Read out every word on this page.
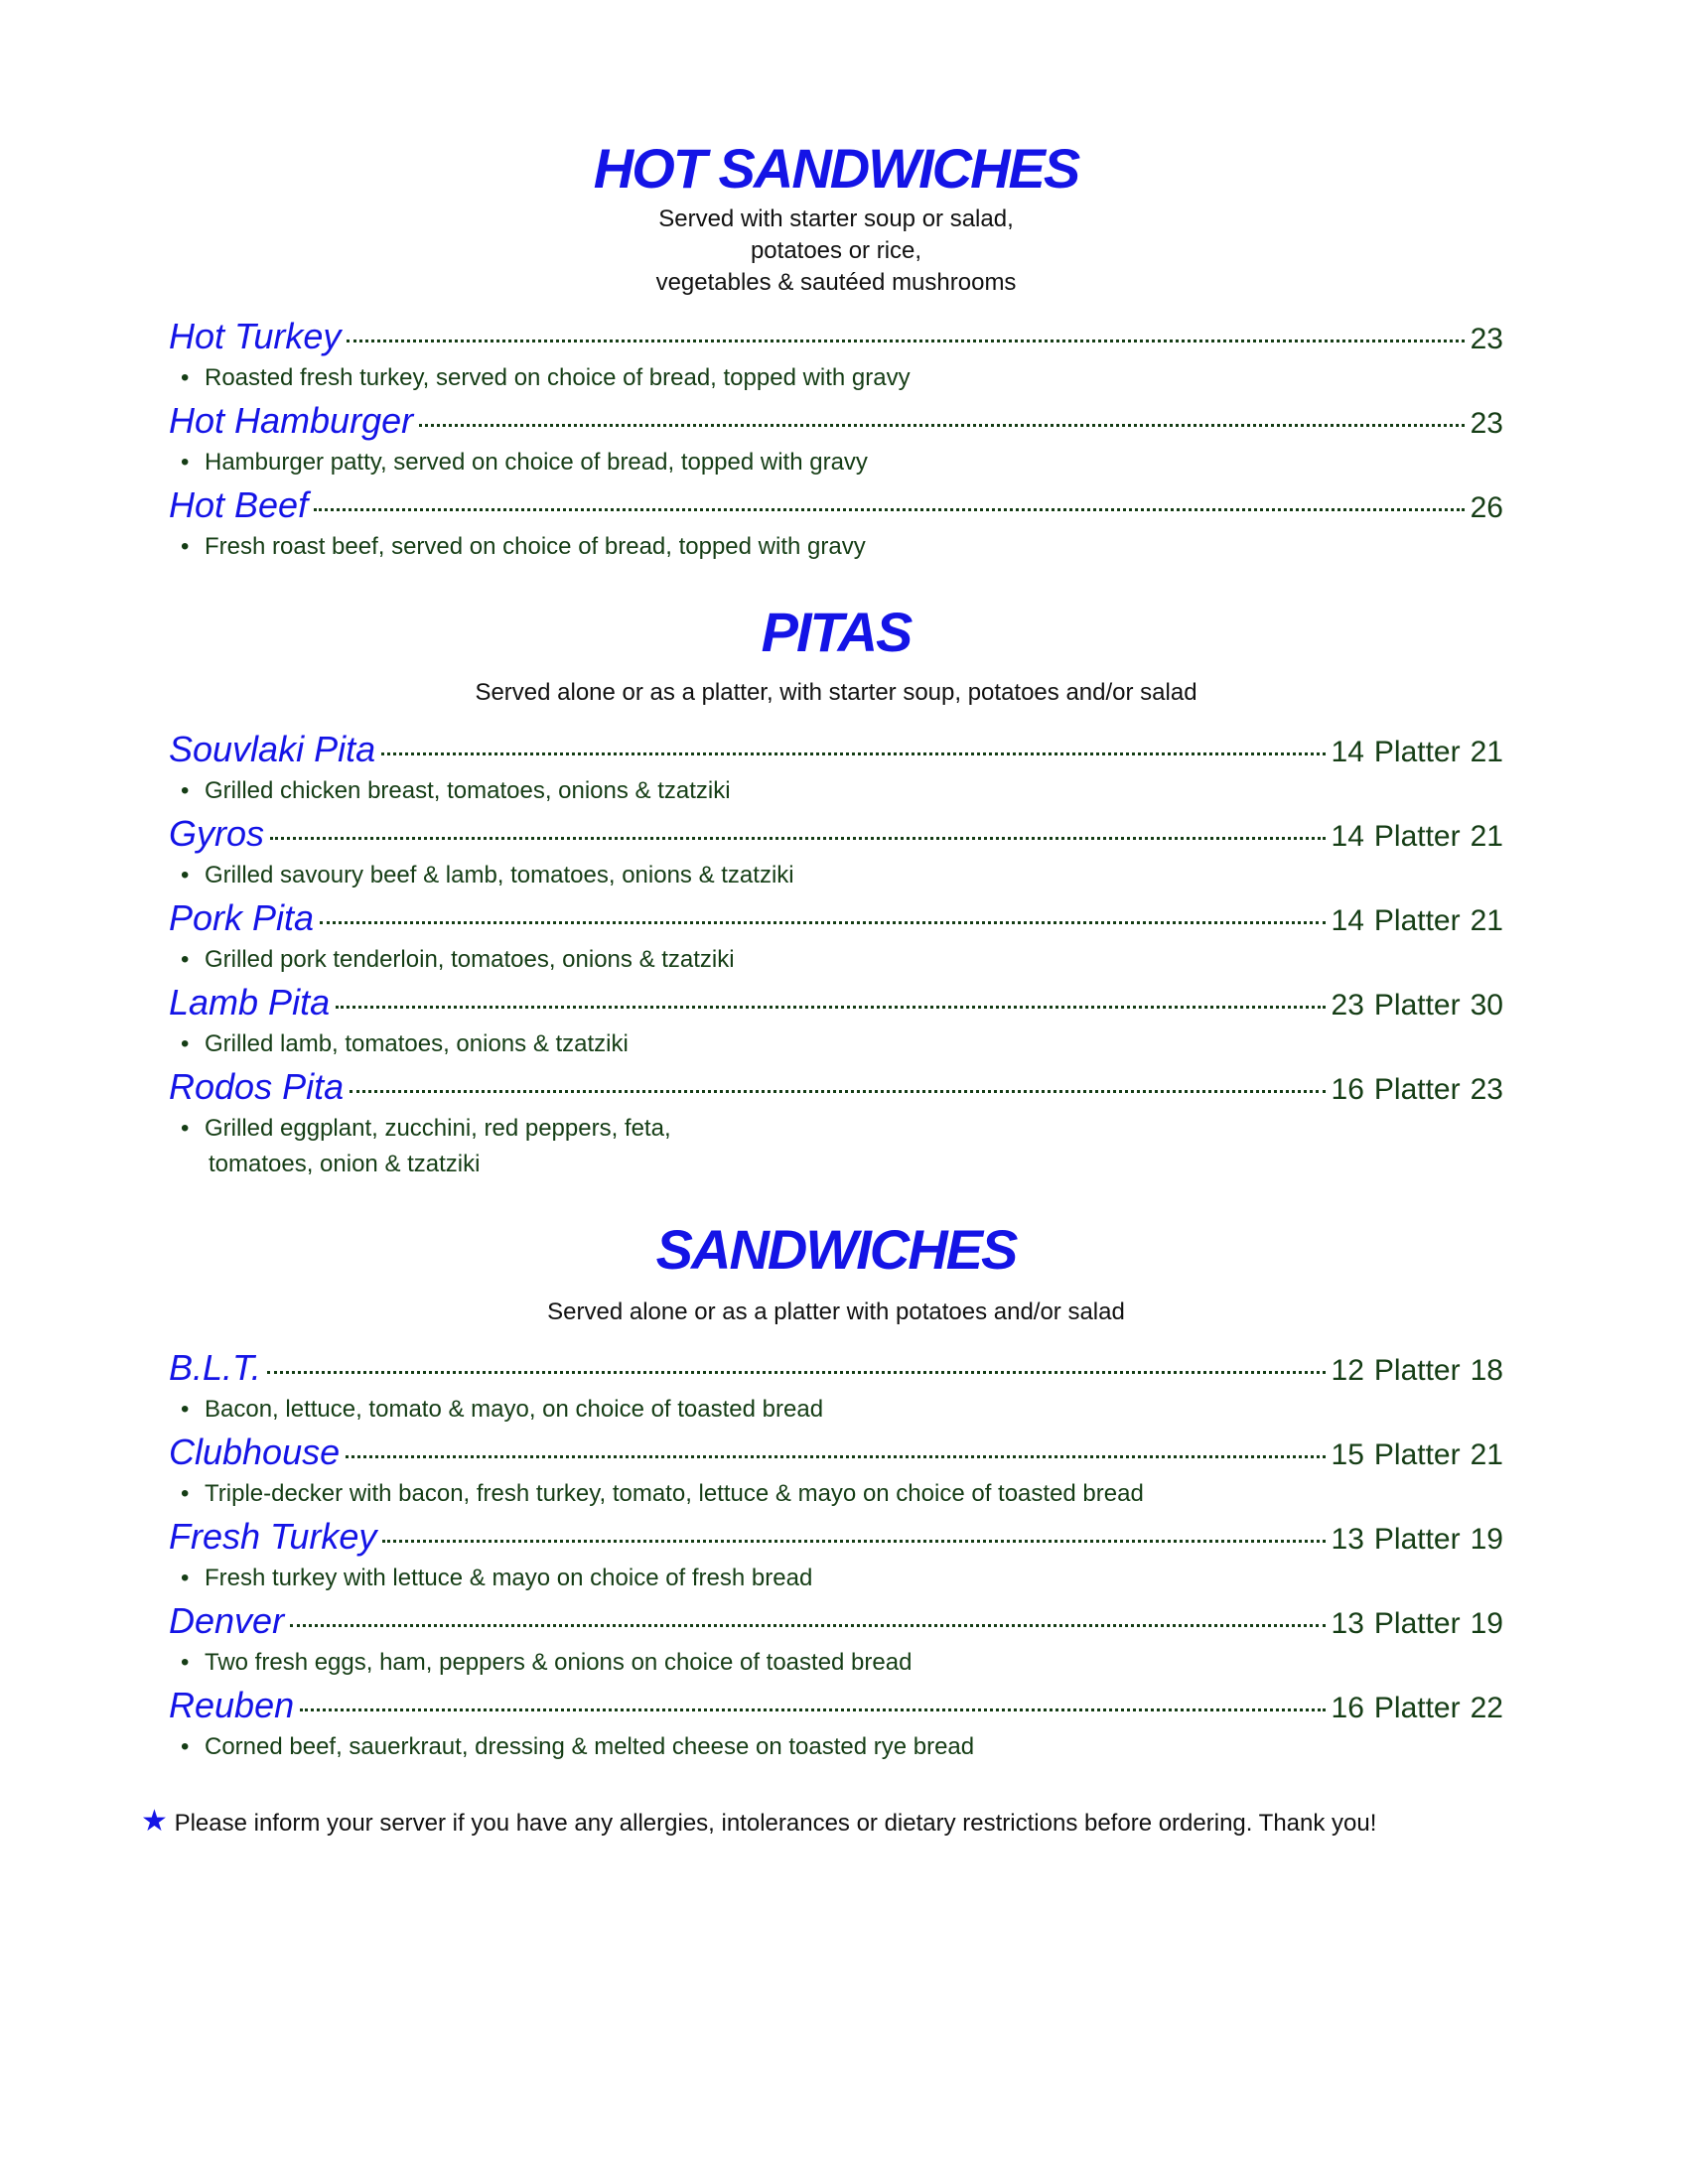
HOT SANDWICHES
Served with starter soup or salad,
potatoes or rice,
vegetables & sautéed mushrooms
Hot Turkey	23
• Roasted fresh turkey, served on choice of bread, topped with gravy
Hot Hamburger	23
• Hamburger patty, served on choice of bread, topped with gravy
Hot Beef	26
• Fresh roast beef, served on choice of bread, topped with gravy
PITAS
Served alone or as a platter, with starter soup, potatoes and/or salad
Souvlaki Pita	14 Platter 21
• Grilled chicken breast, tomatoes, onions & tzatziki
Gyros	14 Platter 21
• Grilled savoury beef & lamb, tomatoes, onions & tzatziki
Pork Pita	14 Platter 21
• Grilled pork tenderloin, tomatoes, onions & tzatziki
Lamb Pita	23 Platter 30
• Grilled lamb, tomatoes, onions & tzatziki
Rodos Pita	16 Platter 23
• Grilled eggplant, zucchini, red peppers, feta,
tomatoes, onion & tzatziki
SANDWICHES
Served alone or as a platter with potatoes and/or salad
B.L.T.	12 Platter 18
• Bacon, lettuce, tomato & mayo, on choice of toasted bread
Clubhouse	15 Platter 21
• Triple-decker with bacon, fresh turkey, tomato, lettuce & mayo on choice of toasted bread
Fresh Turkey	13 Platter 19
• Fresh turkey with lettuce & mayo on choice of fresh bread
Denver	13 Platter 19
• Two fresh eggs, ham, peppers & onions on choice of toasted bread
Reuben	16 Platter 22
• Corned beef, sauerkraut, dressing & melted cheese on toasted rye bread
★ Please inform your server if you have any allergies, intolerances or dietary restrictions before ordering. Thank you!
